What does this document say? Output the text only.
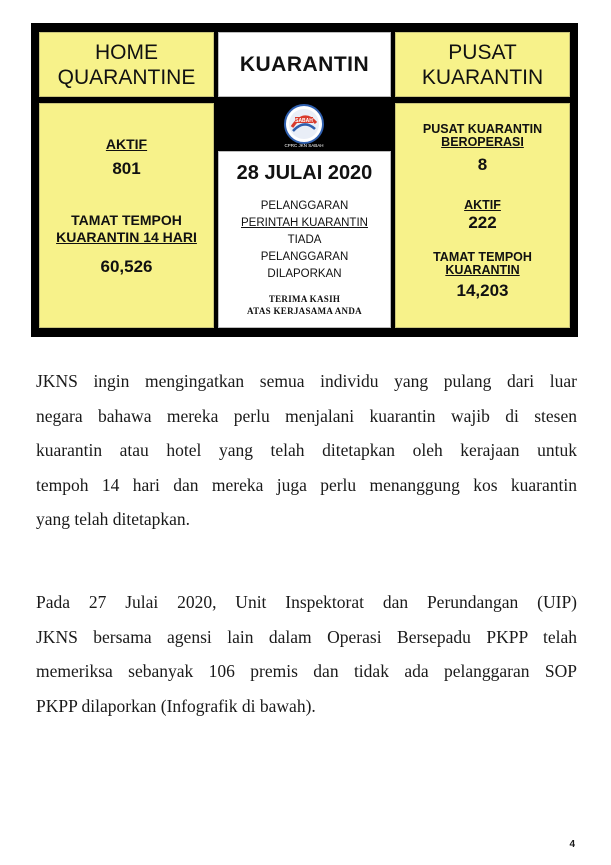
HOME
QUARANTINE
KUARANTIN
PUSAT
KUARANTIN
AKTIF
801
TAMAT TEMPOH
KUARANTIN 14 HARI
60,526
SABAH
CPRC JKN SABAH
28 JULAI 2020
PELANGGARAN
PERINTAH KUARANTIN
TIADA
PELANGGARAN
DILAPORKAN
TERIMA KASIH
ATAS KERJASAMA ANDA
PUSAT KUARANTIN
BEROPERASI
8
AKTIF
222
TAMAT TEMPOH
KUARANTIN
14,203
JKNS ingin mengingatkan semua individu yang pulang dari luar
negara bahawa mereka perlu menjalani kuarantin wajib di stesen
kuarantin atau hotel yang telah ditetapkan oleh kerajaan untuk
tempoh 14 hari dan mereka juga perlu menanggung kos kuarantin
yang telah ditetapkan.
Pada 27 Julai 2020, Unit Inspektorat dan Perundangan (UIP)
JKNS bersama agensi lain dalam Operasi Bersepadu PKPP telah
memeriksa sebanyak 106 premis dan tidak ada pelanggaran SOP
PKPP dilaporkan (Infografik di bawah).
4
